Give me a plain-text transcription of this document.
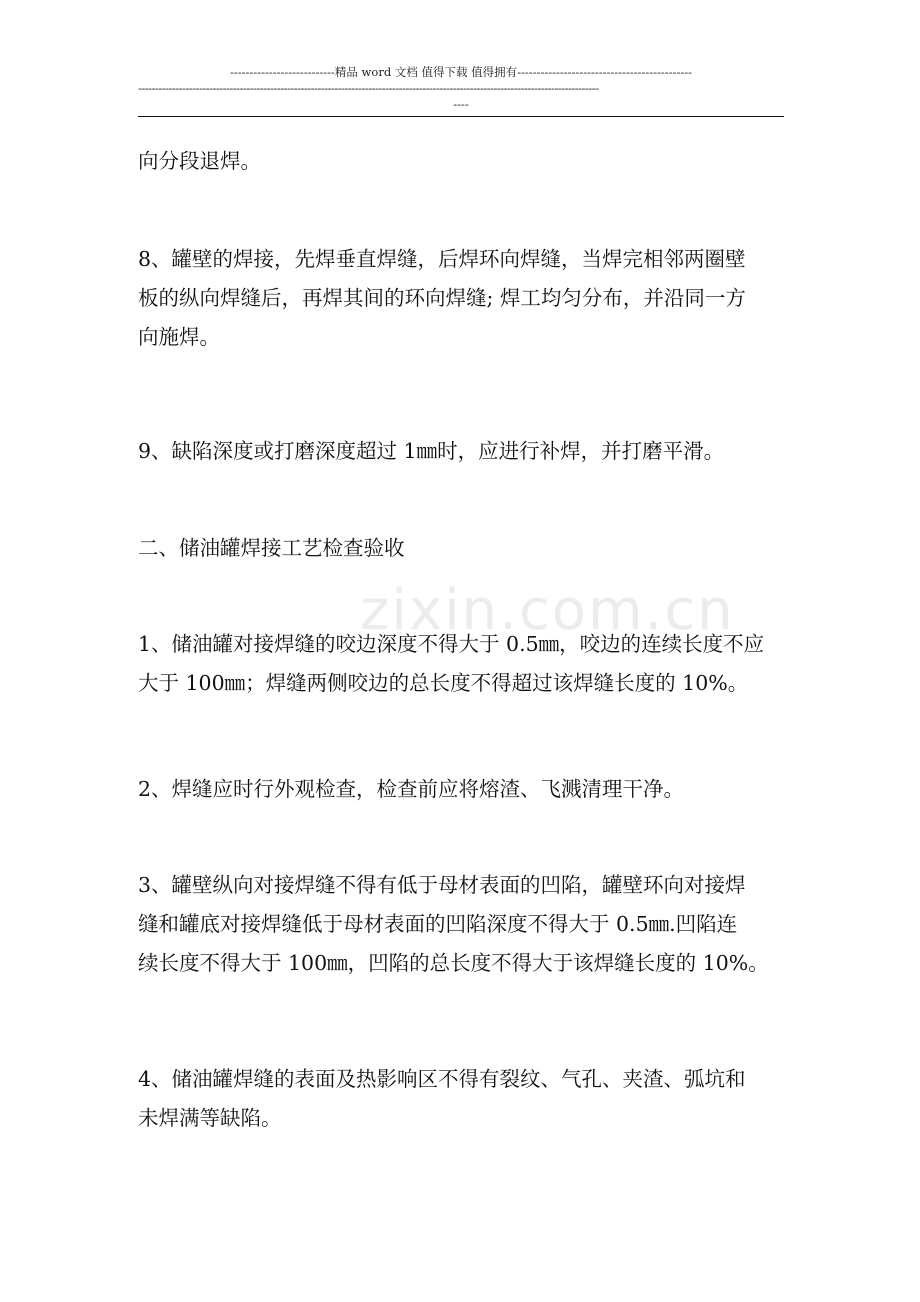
---------------------------精品 word 文档 值得下载 值得拥有---------------------------------------------
----------------------------------------------------------------------------------------------------------------------------------------
----
zixin.com.cn

向分段退焊。

8、罐壁的焊接，先焊垂直焊缝，后焊环向焊缝，当焊完相邻两圈壁
板的纵向焊缝后，再焊其间的环向焊缝; 焊工均匀分布，并沿同一方
向施焊。

9、缺陷深度或打磨深度超过 1㎜时，应进行补焊，并打磨平滑。

二、储油罐焊接工艺检查验收

1、储油罐对接焊缝的咬边深度不得大于 0.5㎜，咬边的连续长度不应
大于 100㎜；焊缝两侧咬边的总长度不得超过该焊缝长度的 10%。

2、焊缝应时行外观检查，检查前应将熔渣、飞溅清理干净。

3、罐壁纵向对接焊缝不得有低于母材表面的凹陷，罐壁环向对接焊
缝和罐底对接焊缝低于母材表面的凹陷深度不得大于 0.5㎜.凹陷连
续长度不得大于 100㎜，凹陷的总长度不得大于该焊缝长度的 10%。

4、储油罐焊缝的表面及热影响区不得有裂纹、气孔、夹渣、弧坑和
未焊满等缺陷。
